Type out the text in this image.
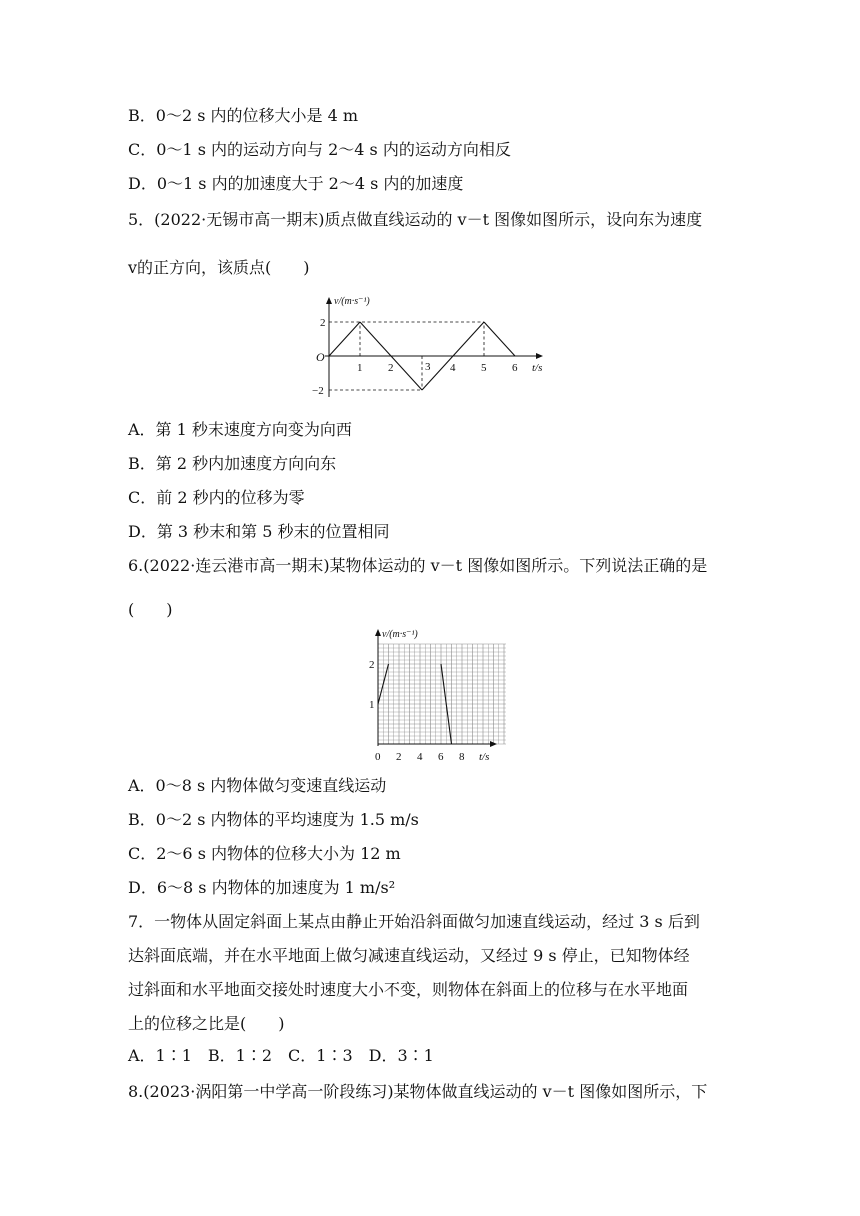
B．0～2 s 内的位移大小是 4 m
C．0～1 s 内的运动方向与 2～4 s 内的运动方向相反
D．0～1 s 内的加速度大于 2～4 s 内的加速度
5．(2022·无锡市高一期末)质点做直线运动的 v－t 图像如图所示，设向东为速度
v的正方向，该质点(　　)
v/(m·s⁻¹)
t/s
O
1 2	3 4 5 6
2
−2
A．第 1 秒末速度方向变为向西
B．第 2 秒内加速度方向向东
C．前 2 秒内的位移为零
D．第 3 秒末和第 5 秒末的位置相同
6.(2022·连云港市高一期末)某物体运动的 v－t 图像如图所示。下列说法正确的是
(　　)
v/(m·s⁻¹)
t/s
0 2 4 6 8
1
2
A．0～8 s 内物体做匀变速直线运动
B．0～2 s 内物体的平均速度为 1.5 m/s
C．2～6 s 内物体的位移大小为 12 m
D．6～8 s 内物体的加速度为 1 m/s²
7．一物体从固定斜面上某点由静止开始沿斜面做匀加速直线运动，经过 3 s 后到
达斜面底端，并在水平地面上做匀减速直线运动，又经过 9 s 停止，已知物体经
过斜面和水平地面交接处时速度大小不变，则物体在斜面上的位移与在水平地面
上的位移之比是(　　)
A．1∶1　B．1∶2　C．1∶3　D．3∶1
8.(2023·涡阳第一中学高一阶段练习)某物体做直线运动的 v－t 图像如图所示，下
